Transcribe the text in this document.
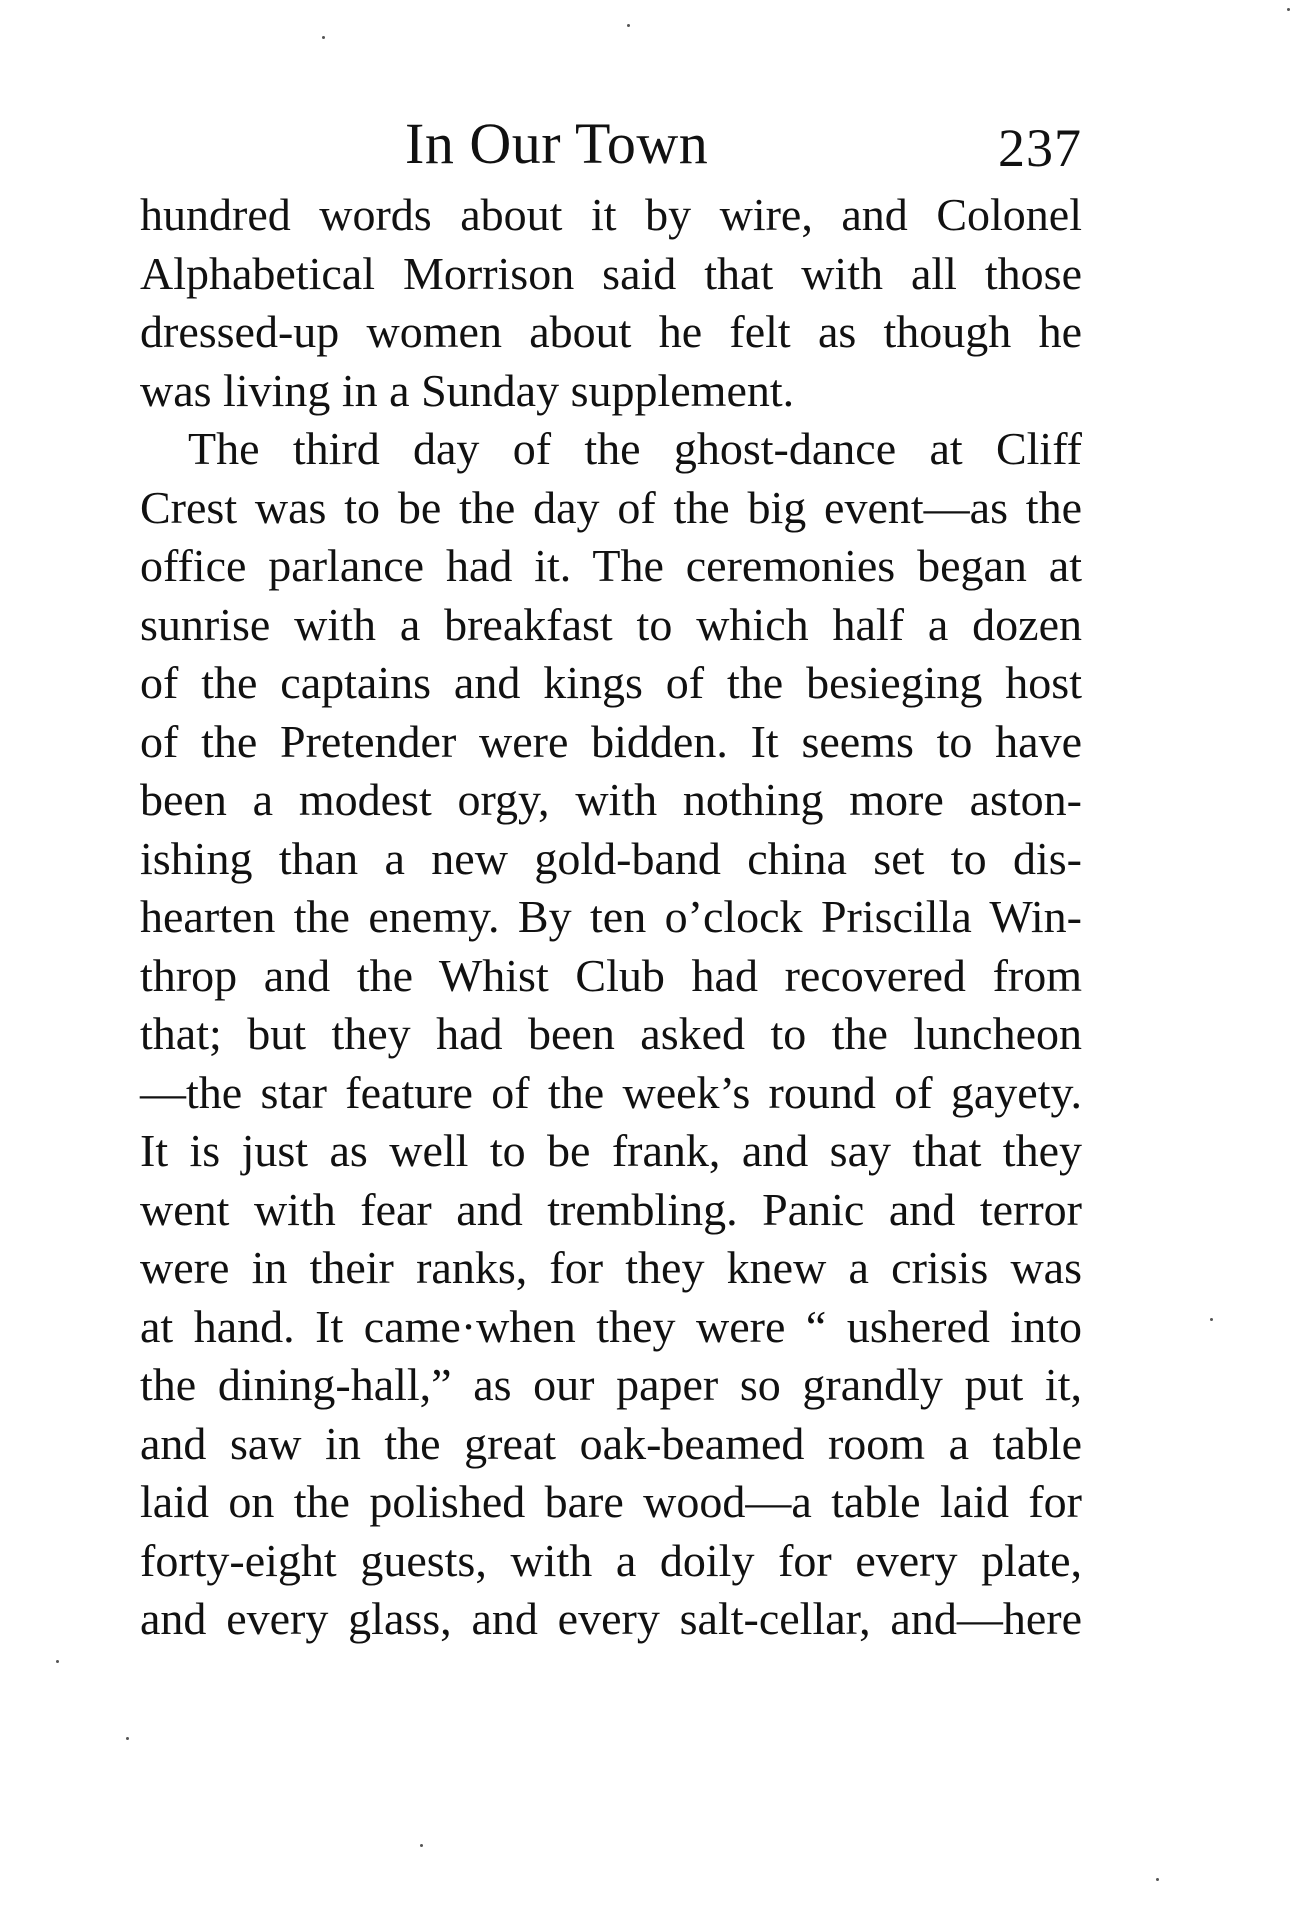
In Our Town	237
hundred words about it by wire, and Colonel
Alphabetical Morrison said that with all those
dressed-up women about he felt as though he
was living in a Sunday supplement.
The third day of the ghost-dance at Cliff
Crest was to be the day of the big event—as the
office parlance had it. The ceremonies began at
sunrise with a breakfast to which half a dozen
of the captains and kings of the besieging host
of the Pretender were bidden. It seems to have
been a modest orgy, with nothing more aston-
ishing than a new gold-band china set to dis-
hearten the enemy. By ten o’clock Priscilla Win-
throp and the Whist Club had recovered from
that; but they had been asked to the luncheon
—the star feature of the week’s round of gayety.
It is just as well to be frank, and say that they
went with fear and trembling. Panic and terror
were in their ranks, for they knew a crisis was
at hand. It came·when they were “ ushered into
the dining-hall,” as our paper so grandly put it,
and saw in the great oak-beamed room a table
laid on the polished bare wood—a table laid for
forty-eight guests, with a doily for every plate,
and every glass, and every salt-cellar, and—here
